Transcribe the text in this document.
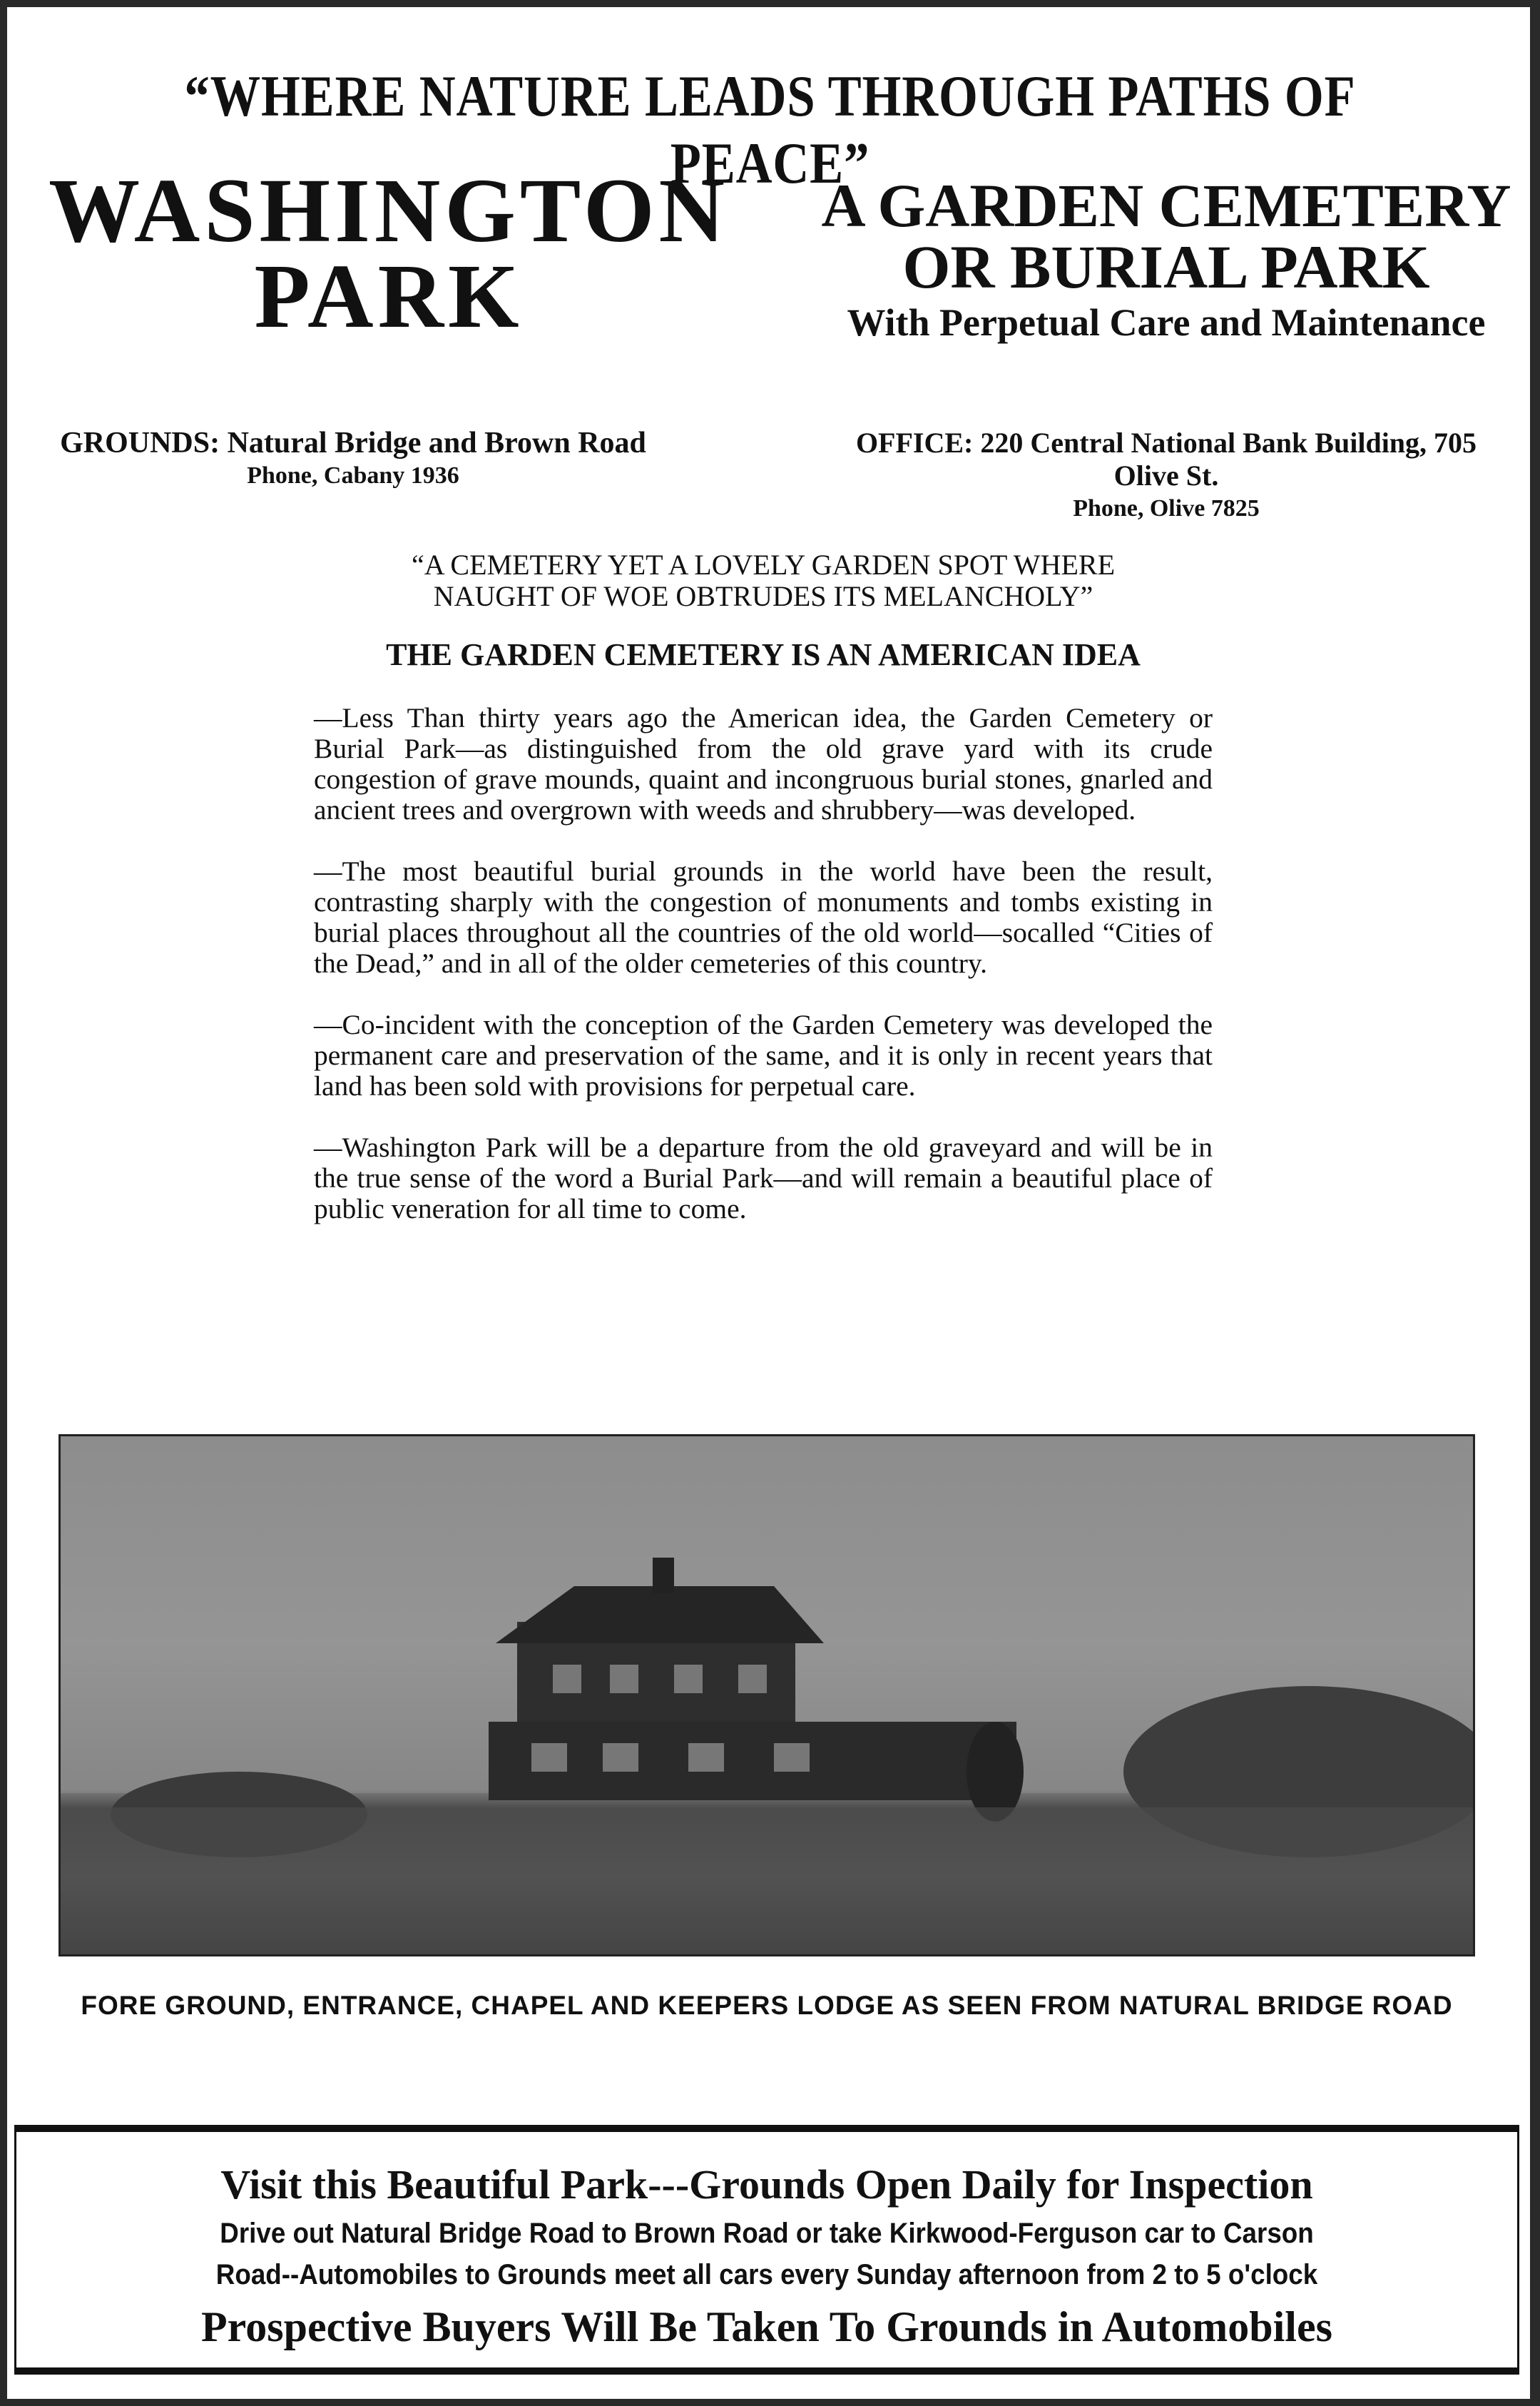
“WHERE NATURE LEADS THROUGH PATHS OF PEACE”
WASHINGTON
PARK
A GARDEN CEMETERY
OR BURIAL PARK
With Perpetual Care and Maintenance
GROUNDS: Natural Bridge and Brown Road
Phone, Cabany 1936
OFFICE: 220 Central National Bank Building, 705 Olive St.
Phone, Olive 7825
“A CEMETERY YET A LOVELY GARDEN SPOT WHERE
NAUGHT OF WOE OBTRUDES ITS MELANCHOLY”
THE GARDEN CEMETERY IS AN AMERICAN IDEA

—Less Than thirty years ago the American idea, the Garden Cemetery or Burial Park—as distinguished from the old grave yard with its crude congestion of grave mounds, quaint and incongruous burial stones, gnarled and ancient trees and overgrown with weeds and shrubbery—was developed.

—The most beautiful burial grounds in the world have been the result, contrasting sharply with the congestion of monuments and tombs existing in burial places throughout all the countries of the old world—socalled “Cities of the Dead,” and in all of the older cemeteries of this country.

—Co-incident with the conception of the Garden Cemetery was developed the permanent care and preservation of the same, and it is only in recent years that land has been sold with provisions for perpetual care.

—Washington Park will be a departure from the old graveyard and will be in the true sense of the word a Burial Park—and will remain a beautiful place of public veneration for all time to come.

FORE GROUND, ENTRANCE, CHAPEL AND KEEPERS LODGE AS SEEN FROM NATURAL BRIDGE ROAD
Visit this Beautiful Park---Grounds Open Daily for Inspection
Drive out Natural Bridge Road to Brown Road or take Kirkwood-Ferguson car to Carson
Road--Automobiles to Grounds meet all cars every Sunday afternoon from 2 to 5 o'clock
Prospective Buyers Will Be Taken To Grounds in Automobiles
